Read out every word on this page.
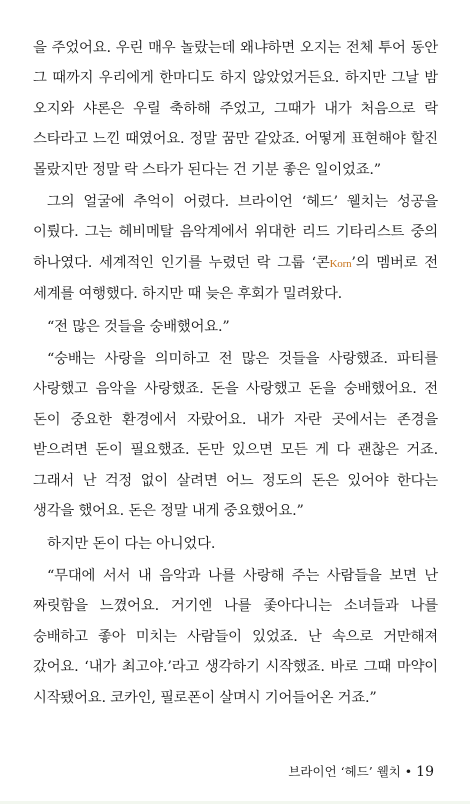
을 주었어요. 우린 매우 놀랐는데 왜냐하면 오지는 전체 투어 동안 그 때까지 우리에게 한마디도 하지 않았었거든요. 하지만 그날 밤 오지와 샤론은 우릴 축하해 주었고, 그때가 내가 처음으로 락 스타라고 느낀 때였어요. 정말 꿈만 같았죠. 어떻게 표현해야 할진 몰랐지만 정말 락 스타가 된다는 건 기분 좋은 일이었죠.”

그의 얼굴에 추억이 어렸다. 브라이언 ‘헤드’ 웰치는 성공을 이뤘다. 그는 헤비메탈 음악계에서 위대한 리드 기타리스트 중의 하나였다. 세계적인 인기를 누렸던 락 그룹 ‘콘Korn’의 멤버로 전 세계를 여행했다. 하지만 때 늦은 후회가 밀려왔다.

“전 많은 것들을 숭배했어요.”

“숭배는 사랑을 의미하고 전 많은 것들을 사랑했죠. 파티를 사랑했고 음악을 사랑했죠. 돈을 사랑했고 돈을 숭배했어요. 전 돈이 중요한 환경에서 자랐어요. 내가 자란 곳에서는 존경을 받으려면 돈이 필요했죠. 돈만 있으면 모든 게 다 괜찮은 거죠. 그래서 난 걱정 없이 살려면 어느 정도의 돈은 있어야 한다는 생각을 했어요. 돈은 정말 내게 중요했어요.”

하지만 돈이 다는 아니었다.

“무대에 서서 내 음악과 나를 사랑해 주는 사람들을 보면 난 짜릿함을 느꼈어요. 거기엔 나를 좇아다니는 소녀들과 나를 숭배하고 좋아 미치는 사람들이 있었죠. 난 속으로 거만해져 갔어요. ‘내가 최고야.’라고 생각하기 시작했죠. 바로 그때 마약이 시작됐어요. 코카인, 필로폰이 살며시 기어들어온 거죠.”

브라이언 ‘헤드’ 웰치 • 19
